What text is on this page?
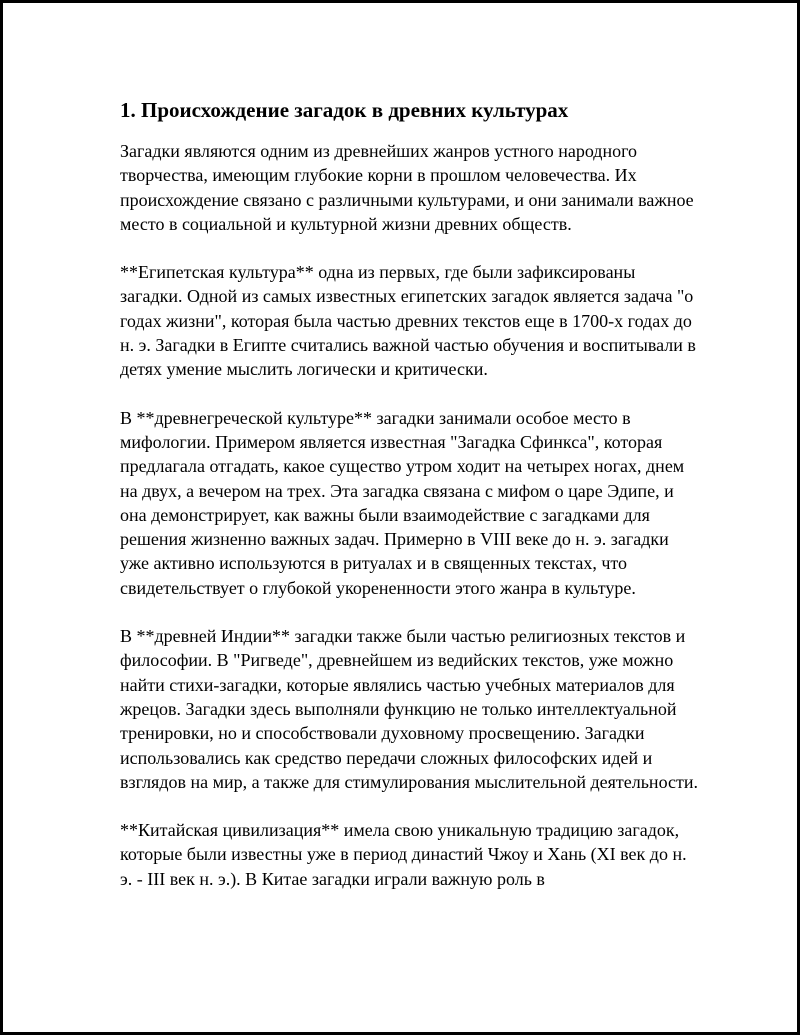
1. Происхождение загадок в древних культурах

Загадки являются одним из древнейших жанров устного народного творчества, имеющим глубокие корни в прошлом человечества. Их происхождение связано с различными культурами, и они занимали важное место в социальной и культурной жизни древних обществ.

**Египетская культура** одна из первых, где были зафиксированы загадки. Одной из самых известных египетских загадок является задача "о годах жизни", которая была частью древних текстов еще в 1700-х годах до н. э. Загадки в Египте считались важной частью обучения и воспитывали в детях умение мыслить логически и критически.

В **древнегреческой культуре** загадки занимали особое место в мифологии. Примером является известная "Загадка Сфинкса", которая предлагала отгадать, какое существо утром ходит на четырех ногах, днем на двух, а вечером на трех. Эта загадка связана с мифом о царе Эдипе, и она демонстрирует, как важны были взаимодействие с загадками для решения жизненно важных задач. Примерно в VIII веке до н. э. загадки уже активно используются в ритуалах и в священных текстах, что свидетельствует о глубокой укорененности этого жанра в культуре.

В **древней Индии** загадки также были частью религиозных текстов и философии. В "Ригведе", древнейшем из ведийских текстов, уже можно найти стихи-загадки, которые являлись частью учебных материалов для жрецов. Загадки здесь выполняли функцию не только интеллектуальной тренировки, но и способствовали духовному просвещению. Загадки использовались как средство передачи сложных философских идей и взглядов на мир, а также для стимулирования мыслительной деятельности.

**Китайская цивилизация** имела свою уникальную традицию загадок, которые были известны уже в период династий Чжоу и Хань (XI век до н. э. - III век н. э.). В Китае загадки играли важную роль в
